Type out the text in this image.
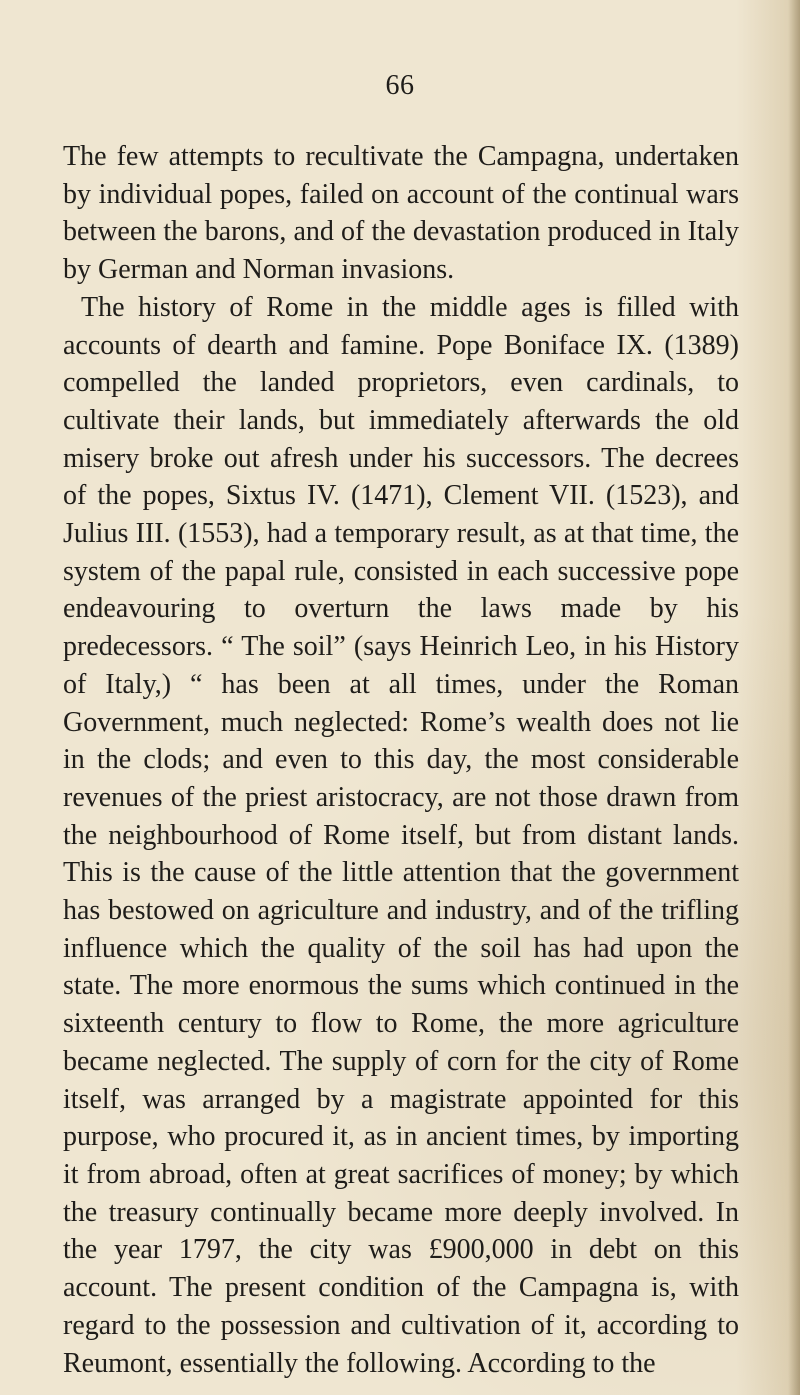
66

The few attempts to recultivate the Campagna, undertaken by individual popes, failed on account of the continual wars between the barons, and of the devastation produced in Italy by German and Norman invasions.

The history of Rome in the middle ages is filled with accounts of dearth and famine. Pope Boniface IX. (1389) compelled the landed proprietors, even cardinals, to cultivate their lands, but immediately afterwards the old misery broke out afresh under his successors. The decrees of the popes, Sixtus IV. (1471), Clement VII. (1523), and Julius III. (1553), had a temporary result, as at that time, the system of the papal rule, consisted in each successive pope endeavouring to overturn the laws made by his predecessors. “ The soil” (says Heinrich Leo, in his History of Italy,) “ has been at all times, under the Roman Government, much neglected: Rome’s wealth does not lie in the clods; and even to this day, the most considerable revenues of the priest aristocracy, are not those drawn from the neighbourhood of Rome itself, but from distant lands. This is the cause of the little attention that the government has bestowed on agriculture and industry, and of the trifling influence which the quality of the soil has had upon the state. The more enormous the sums which continued in the sixteenth century to flow to Rome, the more agriculture became neglected. The supply of corn for the city of Rome itself, was arranged by a magistrate appointed for this purpose, who procured it, as in ancient times, by importing it from abroad, often at great sacrifices of money; by which the treasury continually became more deeply involved. In the year 1797, the city was £900,000 in debt on this account. The present condition of the Campagna is, with regard to the possession and cultivation of it, according to Reumont, essentially the following. According to the
